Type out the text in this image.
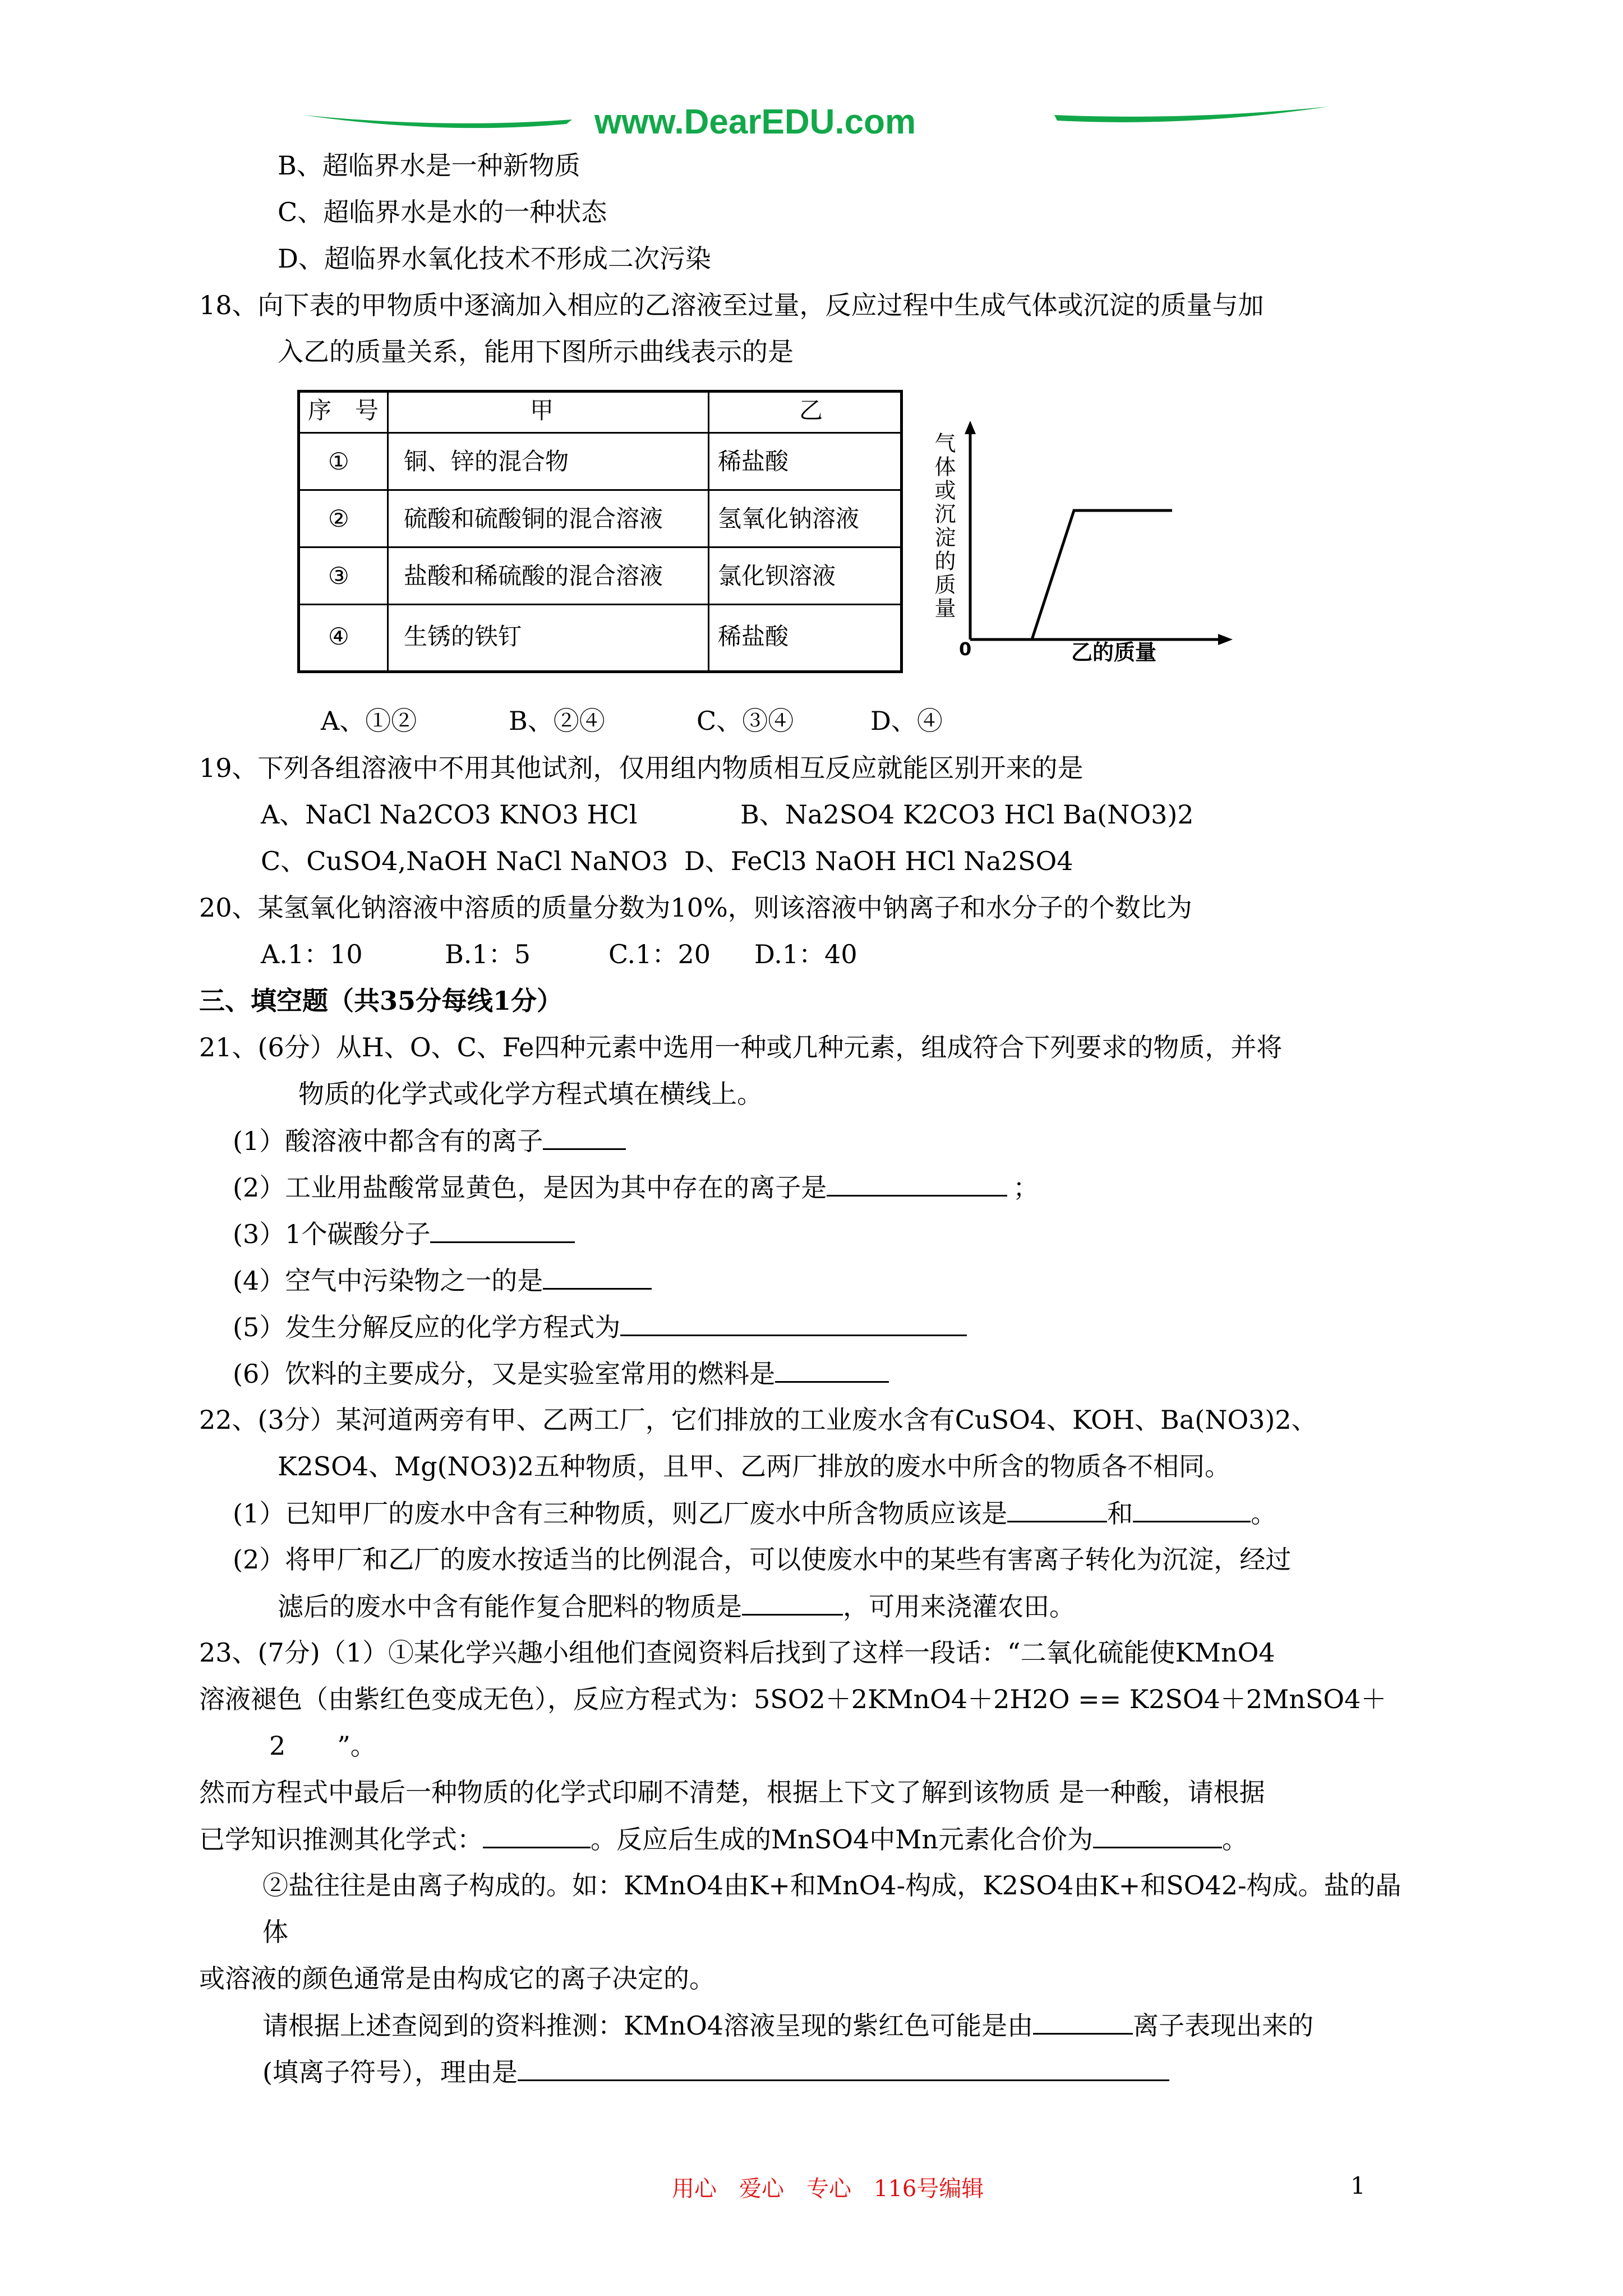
www.DearEDU.com
B、超临界水是一种新物质
C、超临界水是水的一种状态
D、超临界水氧化技术不形成二次污染
18、向下表的甲物质中逐滴加入相应的乙溶液至过量，反应过程中生成气体或沉淀的质量与加
入乙的质量关系，能用下图所示曲线表示的是
序　号	甲	乙
① 铜、锌的混合物	稀盐酸
② 硫酸和硫酸铜的混合溶液 氢氧化钠溶液
③ 盐酸和稀硫酸的混合溶液 氯化钡溶液
④ 生锈的铁钉	稀盐酸
气体或沉淀的质量
0	乙的质量
A、①②	B、②④	C、③④	D、④
19、下列各组溶液中不用其他试剂，仅用组内物质相互反应就能区别开来的是
A、NaCl Na2CO3 KNO3 HCl	B、Na2SO4 K2CO3 HCl Ba(NO3)2
C、CuSO4,NaOH NaCl NaNO3 D、FeCl3 NaOH HCl Na2SO4
20、某氢氧化钠溶液中溶质的质量分数为10%，则该溶液中钠离子和水分子的个数比为
A.1：10	B.1：5	C.1：20 D.1：40
三、填空题（共35分每线1分）
21、(6分）从H、O、C、Fe四种元素中选用一种或几种元素，组成符合下列要求的物质，并将
物质的化学式或化学方程式填在横线上。
(1）酸溶液中都含有的离子
(2）工业用盐酸常显黄色，是因为其中存在的离子是	；
(3）1个碳酸分子
(4）空气中污染物之一的是
(5）发生分解反应的化学方程式为
(6）饮料的主要成分，又是实验室常用的燃料是
22、(3分）某河道两旁有甲、乙两工厂，它们排放的工业废水含有CuSO4、KOH、Ba(NO3)2、
K2SO4、Mg(NO3)2五种物质，且甲、乙两厂排放的废水中所含的物质各不相同。
(1）已知甲厂的废水中含有三种物质，则乙厂废水中所含物质应该是	和	。
(2）将甲厂和乙厂的废水按适当的比例混合，可以使废水中的某些有害离子转化为沉淀，经过
滤后的废水中含有能作复合肥料的物质是	，可用来浇灌农田。
23、(7分)（1）①某化学兴趣小组他们查阅资料后找到了这样一段话：“二氧化硫能使KMnO4
溶液褪色（由紫红色变成无色），反应方程式为：5SO2＋2KMnO4＋2H2O == K2SO4＋2MnSO4＋
2　　”。
然而方程式中最后一种物质的化学式印刷不清楚，根据上下文了解到该物质 是一种酸，请根据
已学知识推测其化学式：	。反应后生成的MnSO4中Mn元素化合价为	。
②盐往往是由离子构成的。如：KMnO4由K+和MnO4-构成，K2SO4由K+和SO42-构成。盐的晶
体
或溶液的颜色通常是由构成它的离子决定的。
请根据上述查阅到的资料推测：KMnO4溶液呈现的紫红色可能是由	离子表现出来的
(填离子符号），理由是
用心　爱心　专心　116号编辑	1
